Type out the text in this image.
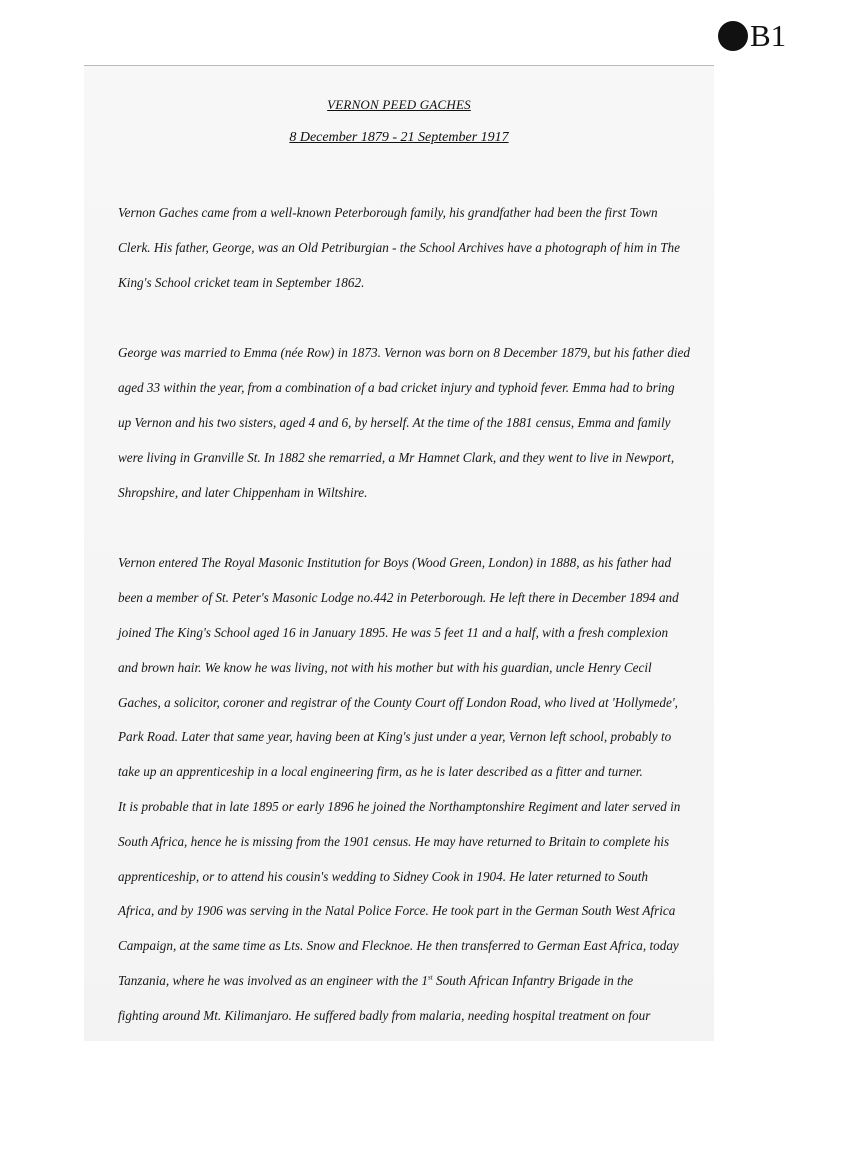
B1
VERNON PEED GACHES
8 December 1879 - 21 September 1917

Vernon Gaches came from a well-known Peterborough family, his grandfather had been the first Town
Clerk. His father, George, was an Old Petriburgian - the School Archives have a photograph of him in The
King's School cricket team in September 1862.

George was married to Emma (née Row) in 1873. Vernon was born on 8 December 1879, but his father died
aged 33 within the year, from a combination of a bad cricket injury and typhoid fever. Emma had to bring
up Vernon and his two sisters, aged 4 and 6, by herself. At the time of the 1881 census, Emma and family
were living in Granville St. In 1882 she remarried, a Mr Hamnet Clark, and they went to live in Newport,
Shropshire, and later Chippenham in Wiltshire.

Vernon entered The Royal Masonic Institution for Boys (Wood Green, London) in 1888, as his father had
been a member of St. Peter's Masonic Lodge no.442 in Peterborough. He left there in December 1894 and
joined The King's School aged 16 in January 1895. He was 5 feet 11 and a half, with a fresh complexion
and brown hair. We know he was living, not with his mother but with his guardian, uncle Henry Cecil
Gaches, a solicitor, coroner and registrar of the County Court off London Road, who lived at 'Hollymede',
Park Road. Later that same year, having been at King's just under a year, Vernon left school, probably to
take up an apprenticeship in a local engineering firm, as he is later described as a fitter and turner.
It is probable that in late 1895 or early 1896 he joined the Northamptonshire Regiment and later served in
South Africa, hence he is missing from the 1901 census. He may have returned to Britain to complete his
apprenticeship, or to attend his cousin's wedding to Sidney Cook in 1904. He later returned to South
Africa, and by 1906 was serving in the Natal Police Force. He took part in the German South West Africa
Campaign, at the same time as Lts. Snow and Flecknoe. He then transferred to German East Africa, today
Tanzania, where he was involved as an engineer with the 1st South African Infantry Brigade in the
fighting around Mt. Kilimanjaro. He suffered badly from malaria, needing hospital treatment on four
